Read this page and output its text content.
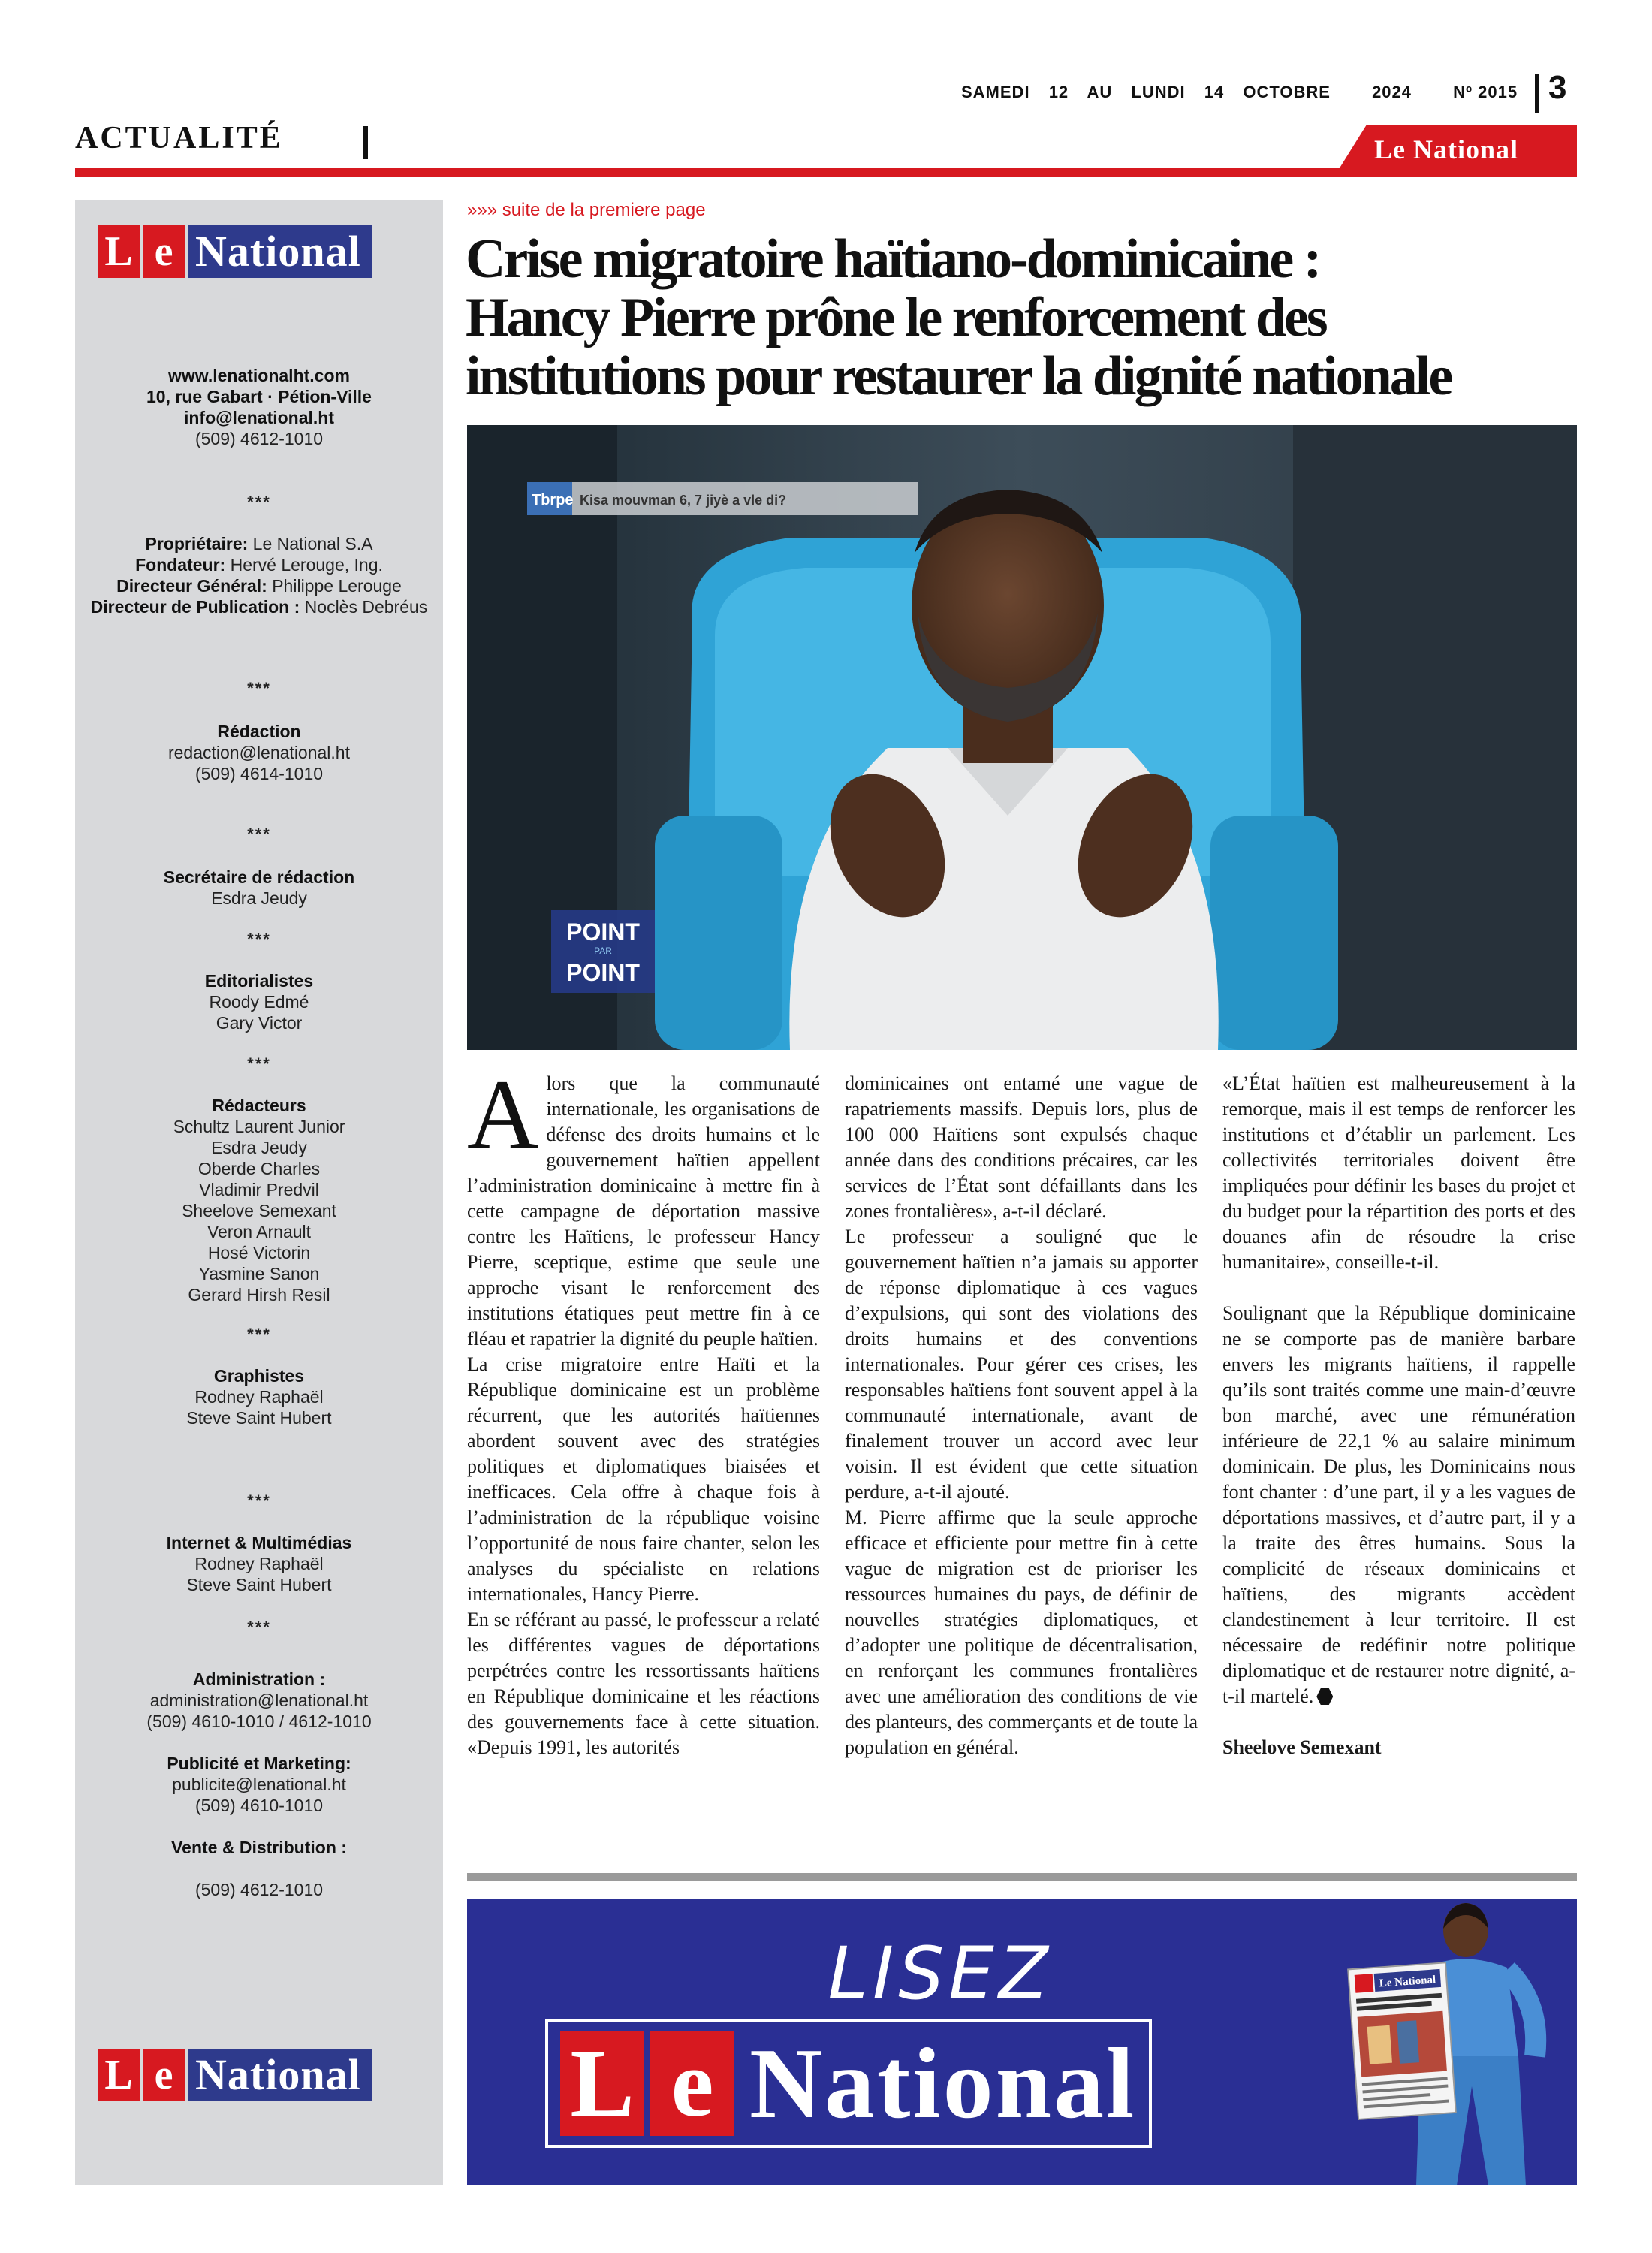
SAMEDI 12 AU LUNDI 14 OCTOBRE	2024	Nº 2015 3
ACTUALITÉ	Le National
L e National
www.lenationalht.com
10, rue Gabart · Pétion-Ville
info@lenational.ht
(509) 4612-1010
***
Propriétaire: Le National S.A
Fondateur: Hervé Lerouge, Ing.
Directeur Général: Philippe Lerouge
Directeur de Publication : Noclès Debréus
***
Rédaction
redaction@lenational.ht
(509) 4614-1010
***
Secrétaire de rédaction
Esdra Jeudy
***
Editorialistes
Roody Edmé
Gary Victor
***
Rédacteurs
Schultz Laurent Junior
Esdra Jeudy
Oberde Charles
Vladimir Predvil
Sheelove Semexant
Veron Arnault
Hosé Victorin
Yasmine Sanon
Gerard Hirsh Resil
***
Graphistes
Rodney Raphaël
Steve Saint Hubert
***
Internet & Multimédias
Rodney Raphaël
Steve Saint Hubert
***
Administration :
administration@lenational.ht
(509) 4610-1010 / 4612-1010
Publicité et Marketing:
publicite@lenational.ht
(509) 4610-1010
Vente & Distribution :
(509) 4612-1010
L e National
»»» suite de la premiere page
Crise migratoire haïtiano-dominicaine :
Hancy Pierre prône le renforcement des
institutions pour restaurer la dignité nationale
Tbrpe Kisa mouvman 6, 7 jiyè a vle di?
POINT
PAR
POINT

Alors que la communauté internationale, les organisations de défense des droits humains et le gouvernement haïtien appellent l’administration dominicaine à mettre fin à cette campagne de déportation massive contre les Haïtiens, le professeur Hancy Pierre, sceptique, estime que seule une approche visant le renforcement des institutions étatiques peut mettre fin à ce fléau et rapatrier la dignité du peuple haïtien.

La crise migratoire entre Haïti et la République dominicaine est un problème récurrent, que les autorités haïtiennes abordent souvent avec des stratégies politiques et diplomatiques biaisées et inefficaces. Cela offre à chaque fois à l’administration de la république voisine l’opportunité de nous faire chanter, selon les analyses du spécialiste en relations internationales, Hancy Pierre.

En se référant au passé, le professeur a relaté les différentes vagues de déportations perpétrées contre les ressortissants haïtiens en République dominicaine et les réactions des gouvernements face à cette situation. «Depuis 1991, les autorités

dominicaines ont entamé une vague de rapatriements massifs. Depuis lors, plus de 100 000 Haïtiens sont expulsés chaque année dans des conditions précaires, car les services de l’État sont défaillants dans les zones frontalières», a-t-il déclaré.

Le professeur a souligné que le gouvernement haïtien n’a jamais su apporter de réponse diplomatique à ces vagues d’expulsions, qui sont des violations des droits humains et des conventions internationales. Pour gérer ces crises, les responsables haïtiens font souvent appel à la communauté internationale, avant de finalement trouver un accord avec leur voisin. Il est évident que cette situation perdure, a-t-il ajouté.

M. Pierre affirme que la seule approche efficace et efficiente pour mettre fin à cette vague de migration est de prioriser les ressources humaines du pays, de définir de nouvelles stratégies diplomatiques, et d’adopter une politique de décentralisation, en renforçant les communes frontalières avec une amélioration des conditions de vie des planteurs, des commerçants et de toute la population en général.

«L’État haïtien est malheureusement à la remorque, mais il est temps de renforcer les institutions et d’établir un parlement. Les collectivités territoriales doivent être impliquées pour définir les bases du projet et du budget pour la répartition des ports et des douanes afin de résoudre la crise humanitaire», conseille-t-il.

Soulignant que la République dominicaine ne se comporte pas de manière barbare envers les migrants haïtiens, il rappelle qu’ils sont traités comme une main-d’œuvre bon marché, avec une rémunération inférieure de 22,1 % au salaire minimum dominicain. De plus, les Dominicains nous font chanter : d’une part, il y a les vagues de déportations massives, et d’autre part, il y a la traite des êtres humains. Sous la complicité de réseaux dominicains et haïtiens, des migrants accèdent clandestinement à leur territoire. Il est nécessaire de redéfinir notre politique diplomatique et de restaurer notre dignité, a-t-il martelé.

Sheelove Semexant

LISEZ
L e National
Le National
